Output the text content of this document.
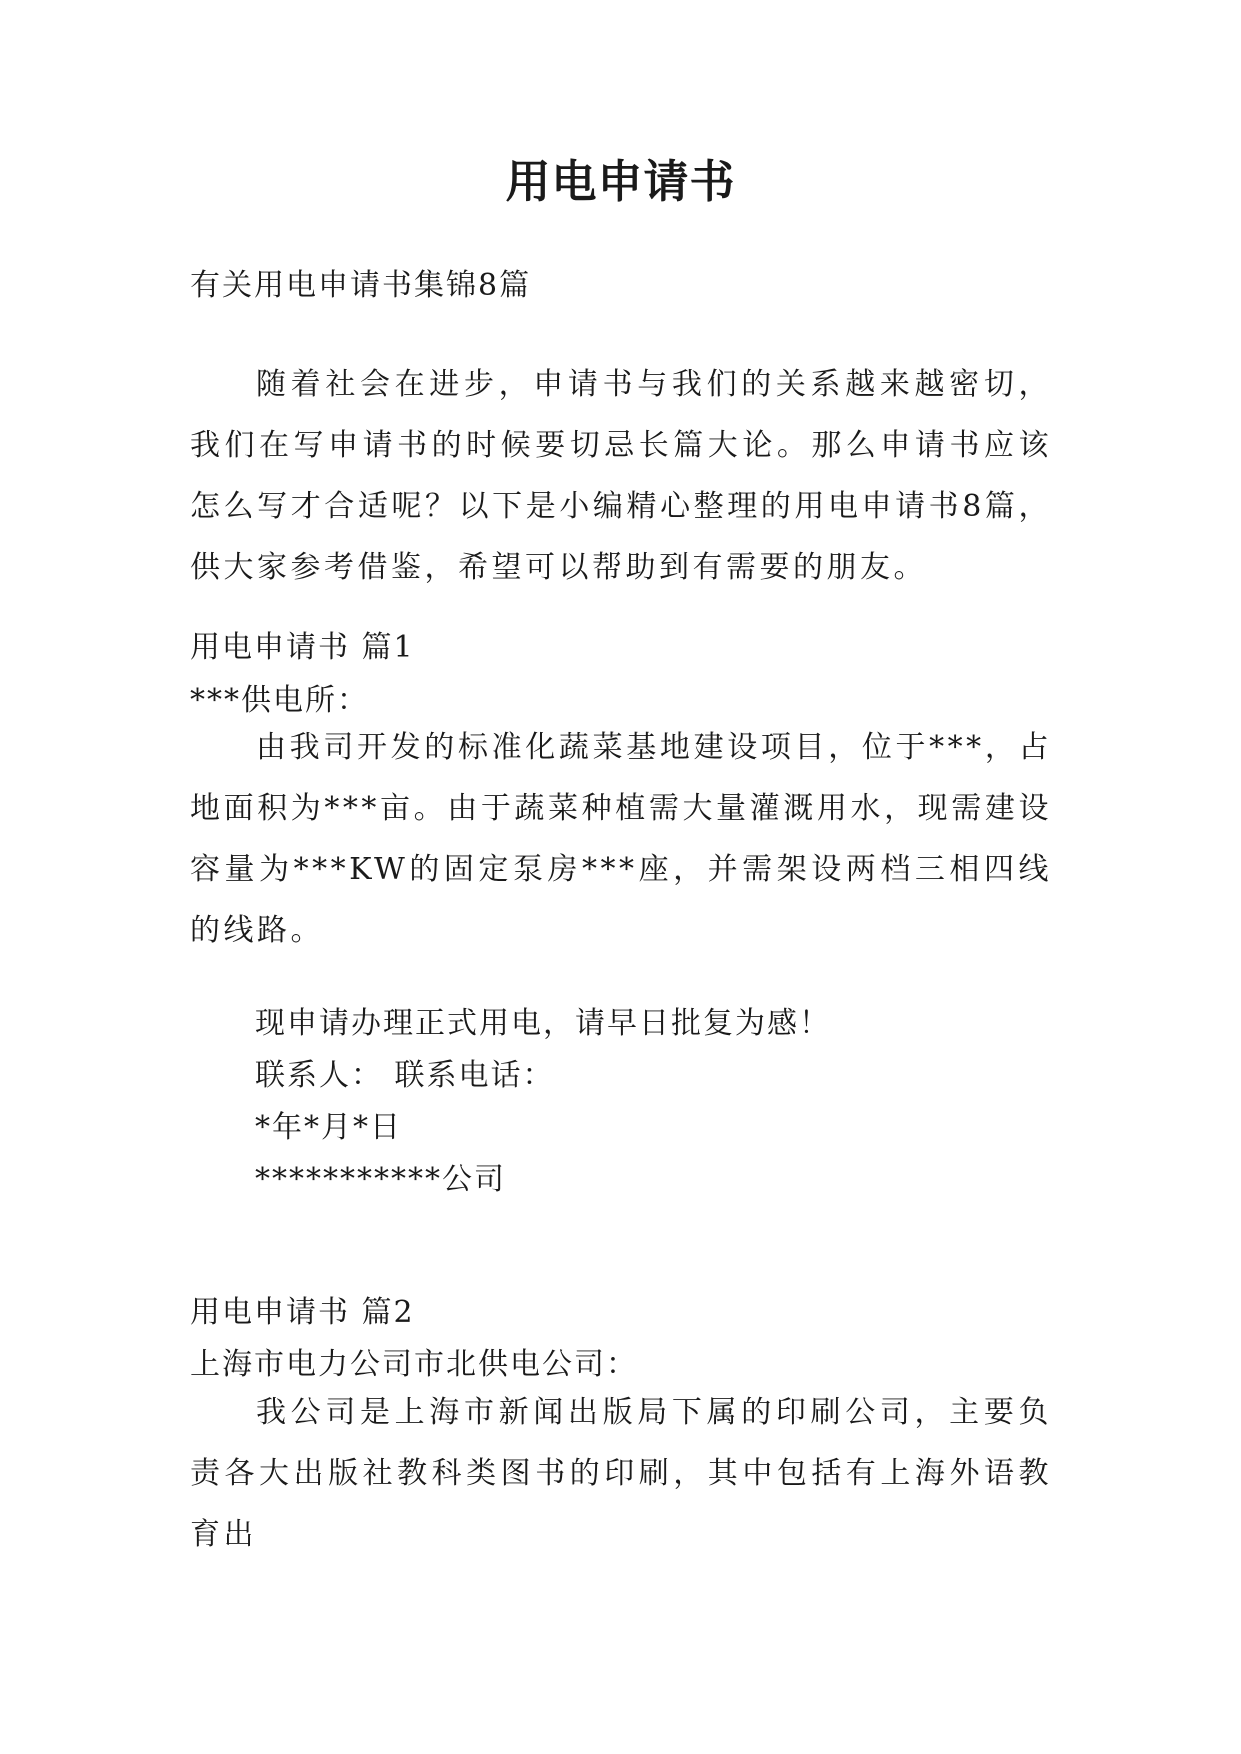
用电申请书
有关用电申请书集锦8篇
随着社会在进步，申请书与我们的关系越来越密切，我们在写申请书的时候要切忌长篇大论。那么申请书应该怎么写才合适呢？以下是小编精心整理的用电申请书8篇，供大家参考借鉴，希望可以帮助到有需要的朋友。
用电申请书 篇1
***供电所：
由我司开发的标准化蔬菜基地建设项目，位于***，占地面积为***亩。由于蔬菜种植需大量灌溉用水，现需建设容量为***KW的固定泵房***座，并需架设两档三相四线的线路。
现申请办理正式用电，请早日批复为感！
联系人： 联系电话：
*年*月*日
***********公司
用电申请书 篇2
上海市电力公司市北供电公司：
我公司是上海市新闻出版局下属的印刷公司，主要负责各大出版社教科类图书的印刷，其中包括有上海外语教育出
